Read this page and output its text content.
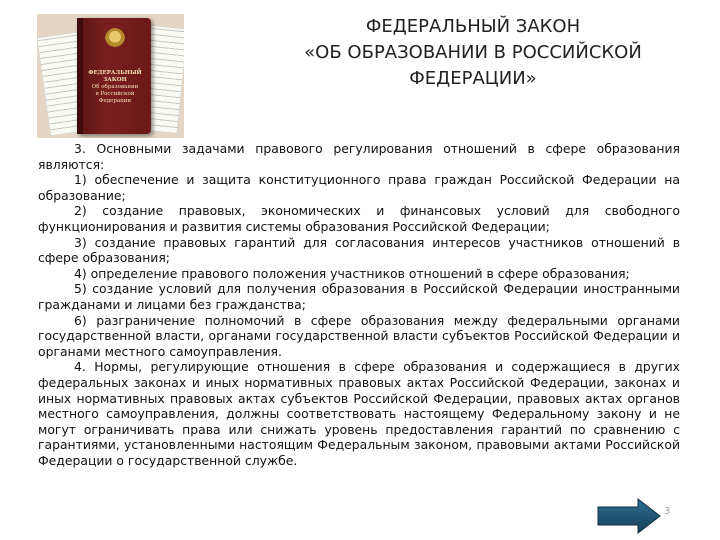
ФЕДЕРАЛЬНЫЙ
ЗАКОН
Об образовании
в Российской
Федерации
ФЕДЕРАЛЬНЫЙ ЗАКОН
«ОБ ОБРАЗОВАНИИ В РОССИЙСКОЙ
ФЕДЕРАЦИИ»

3. Основными задачами правового регулирования отношений в сфере образования являются:

1) обеспечение и защита конституционного права граждан Российской Федерации на образование;

2) создание правовых, экономических и финансовых условий для свободного функционирования и развития системы образования Российской Федерации;

3) создание правовых гарантий для согласования интересов участников отношений в сфере образования;

4) определение правового положения участников отношений в сфере образования;

5) создание условий для получения образования в Российской Федерации иностранными гражданами и лицами без гражданства;

6) разграничение полномочий в сфере образования между федеральными органами государственной власти, органами государственной власти субъектов Российской Федерации и органами местного самоуправления.

4. Нормы, регулирующие отношения в сфере образования и содержащиеся в других федеральных законах и иных нормативных правовых актах Российской Федерации, законах и иных нормативных правовых актах субъектов Российской Федерации, правовых актах органов местного самоуправления, должны соответствовать настоящему Федеральному закону и не могут ограничивать права или снижать уровень предоставления гарантий по сравнению с гарантиями, установленными настоящим Федеральным законом, правовыми актами Российской Федерации о государственной службе.

3
